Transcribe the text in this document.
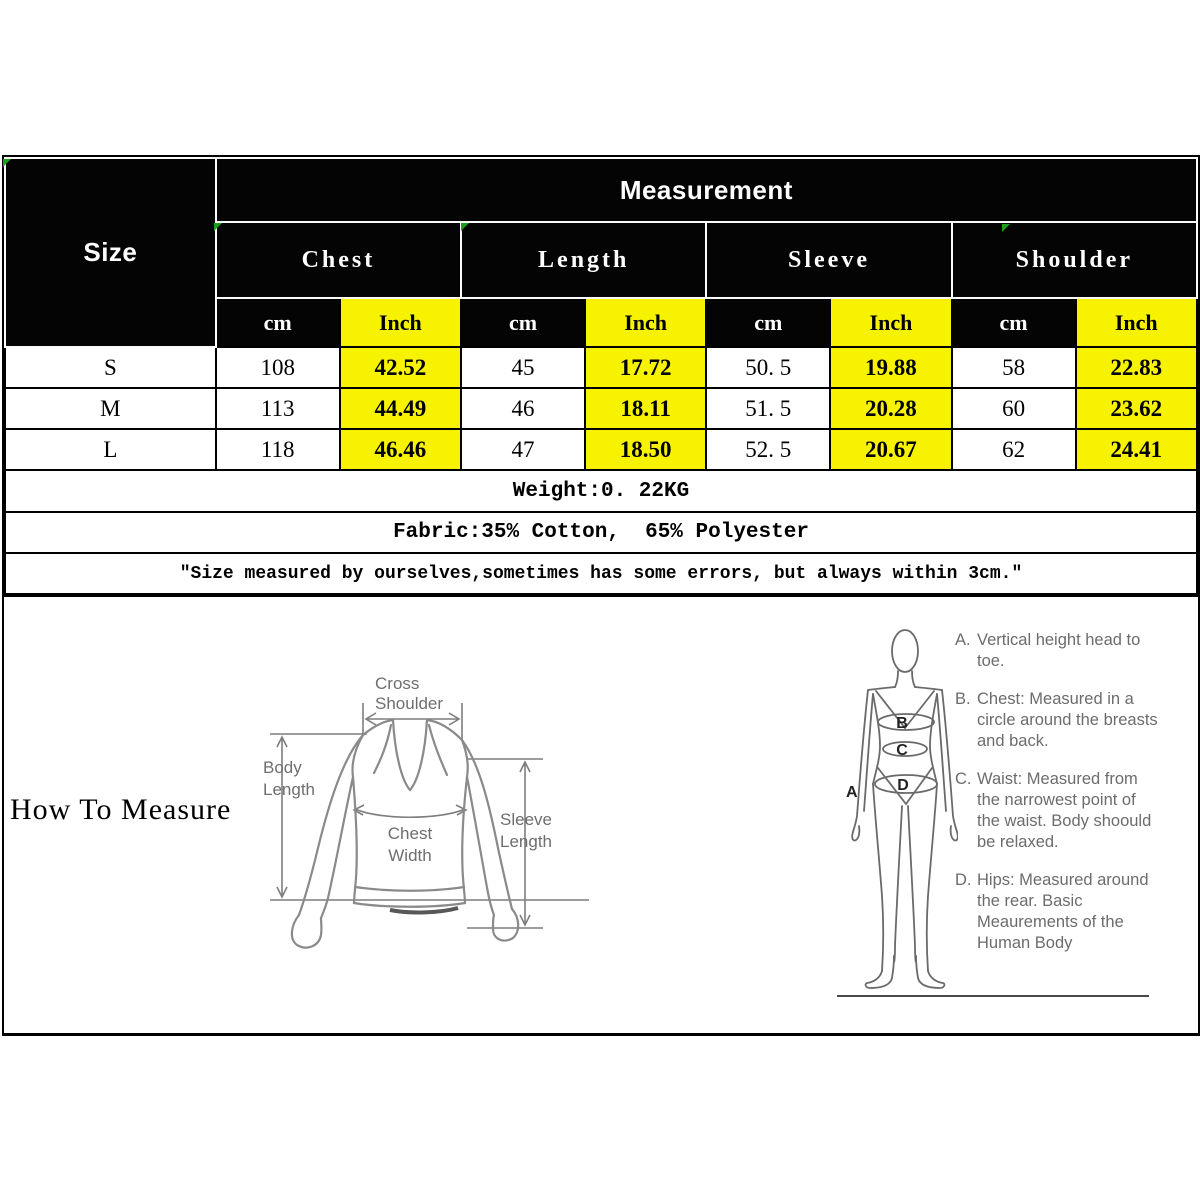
Size	Measurement							
	Chest		Length		Sleeve		Shoulder	
	cm	Inch	cm	Inch	cm	Inch	cm	Inch
S	108	42.52	45	17.72	50. 5	19.88	58	22.83
M	113	44.49	46	18.11	51. 5	20.28	60	23.62
L	118	46.46	47	18.50	52. 5	20.67	62	24.41
Weight:0. 22KG								
Fabric:35% Cotton,  65% Polyester								
″Size measured by ourselves,sometimes has some errors, but always within 3cm.″								
How To Measure
Cross
Shoulder
Body
Length
Chest
Width
Sleeve
Length
A
B
C
D
A. Vertical height head to toe.
B. Chest: Measured in a circle around the breasts and back.
C. Waist: Measured from the narrowest point of the waist. Body shoould be relaxed.
D. Hips: Measured around the rear. Basic Meaurements of the Human Body
